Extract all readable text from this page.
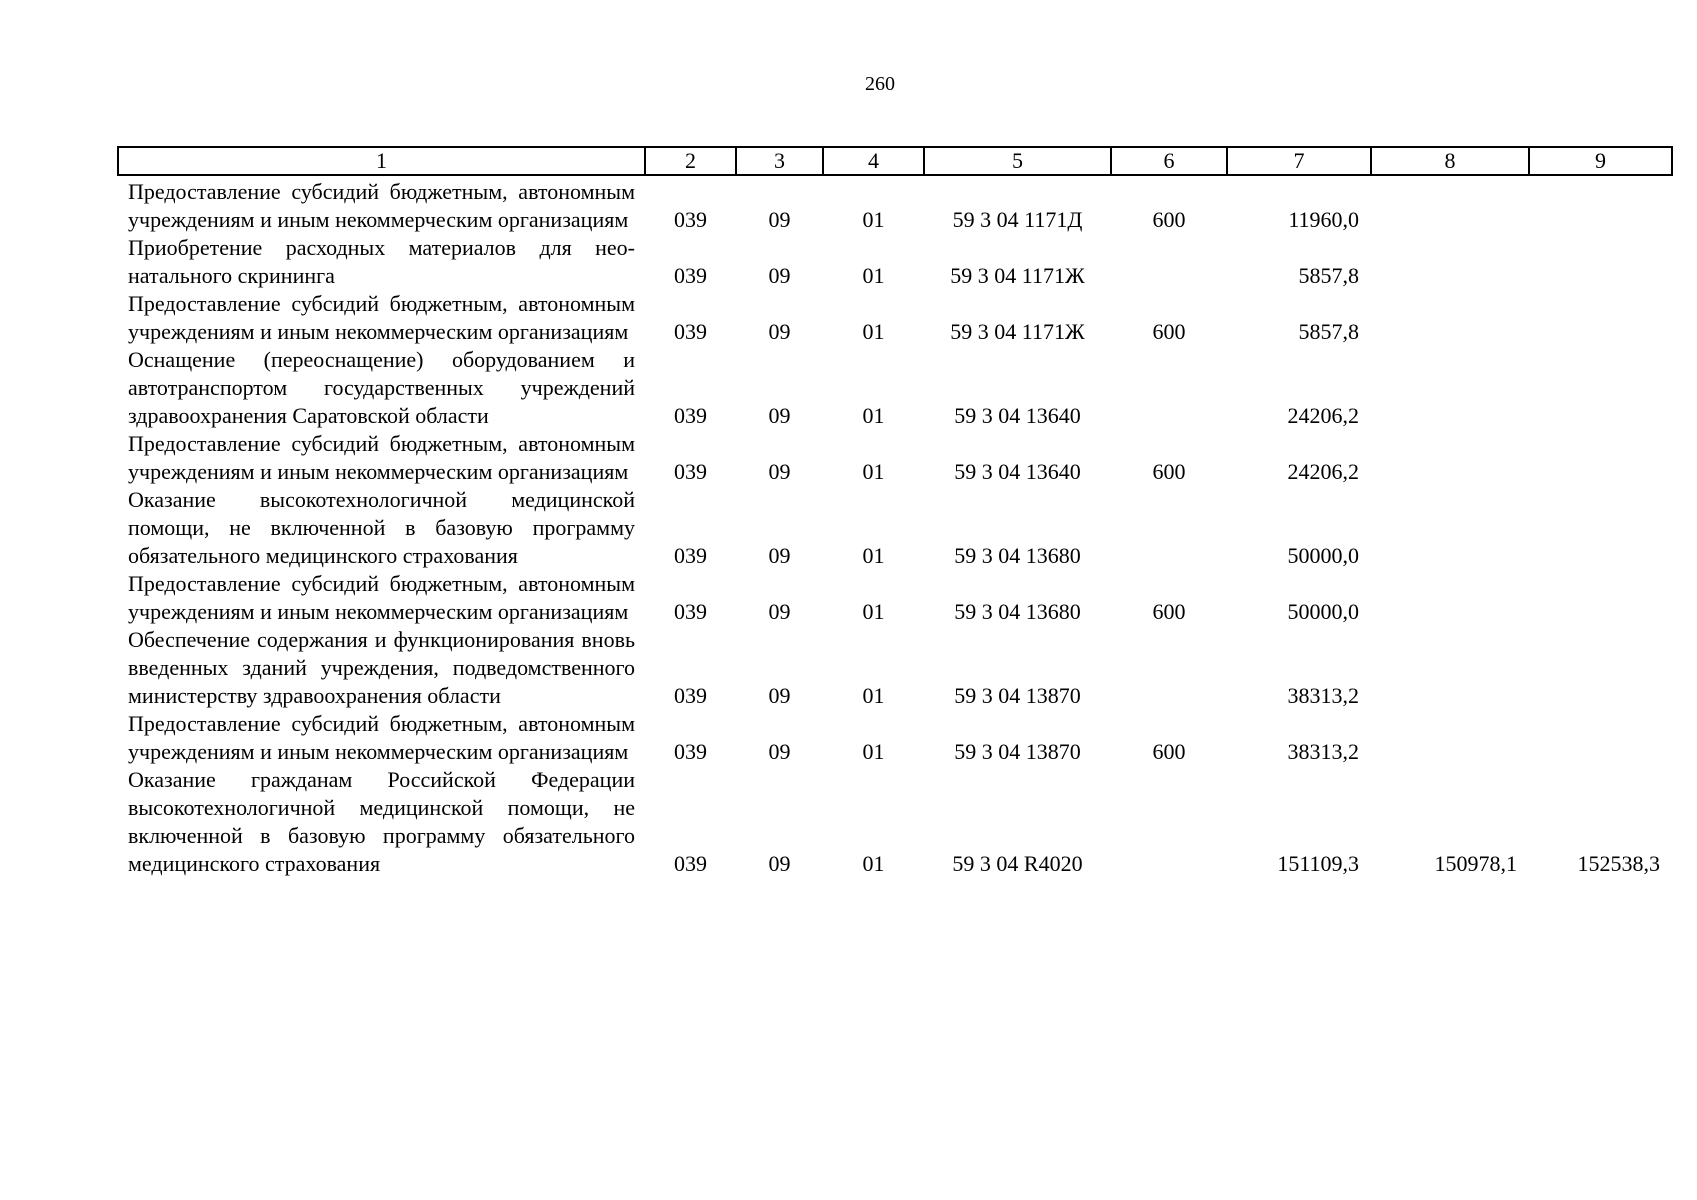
260
1	2	3	4	5	6	7	8	9
Предоставление субсидий бюджетным, автономным учреждениям и иным некоммерческим организациям	039	09	01	59 3 04 1171Д	600	11960,0		
Приобретение расходных материалов для неонатального скрининга	039	09	01	59 3 04 1171Ж		5857,8		
Предоставление субсидий бюджетным, автономным учреждениям и иным некоммерческим организациям	039	09	01	59 3 04 1171Ж	600	5857,8		
Оснащение (переоснащение) оборудованием и автотранспортом государственных учреждений здравоохранения Саратовской области	039	09	01	59 3 04 13640		24206,2		
Предоставление субсидий бюджетным, автономным учреждениям и иным некоммерческим организациям	039	09	01	59 3 04 13640	600	24206,2		
Оказание высокотехнологичной медицинской помощи, не включенной в базовую программу обязательного медицинского страхования	039	09	01	59 3 04 13680		50000,0		
Предоставление субсидий бюджетным, автономным учреждениям и иным некоммерческим организациям	039	09	01	59 3 04 13680	600	50000,0		
Обеспечение содержания и функционирования вновь введенных зданий учреждения, подведомственного министерству здравоохранения области	039	09	01	59 3 04 13870		38313,2		
Предоставление субсидий бюджетным, автономным учреждениям и иным некоммерческим организациям	039	09	01	59 3 04 13870	600	38313,2		
Оказание гражданам Российской Федерации высокотехнологичной медицинской помощи, не включенной в базовую программу обязательного медицинского страхования	039	09	01	59 3 04 R4020		151109,3	150978,1	152538,3
